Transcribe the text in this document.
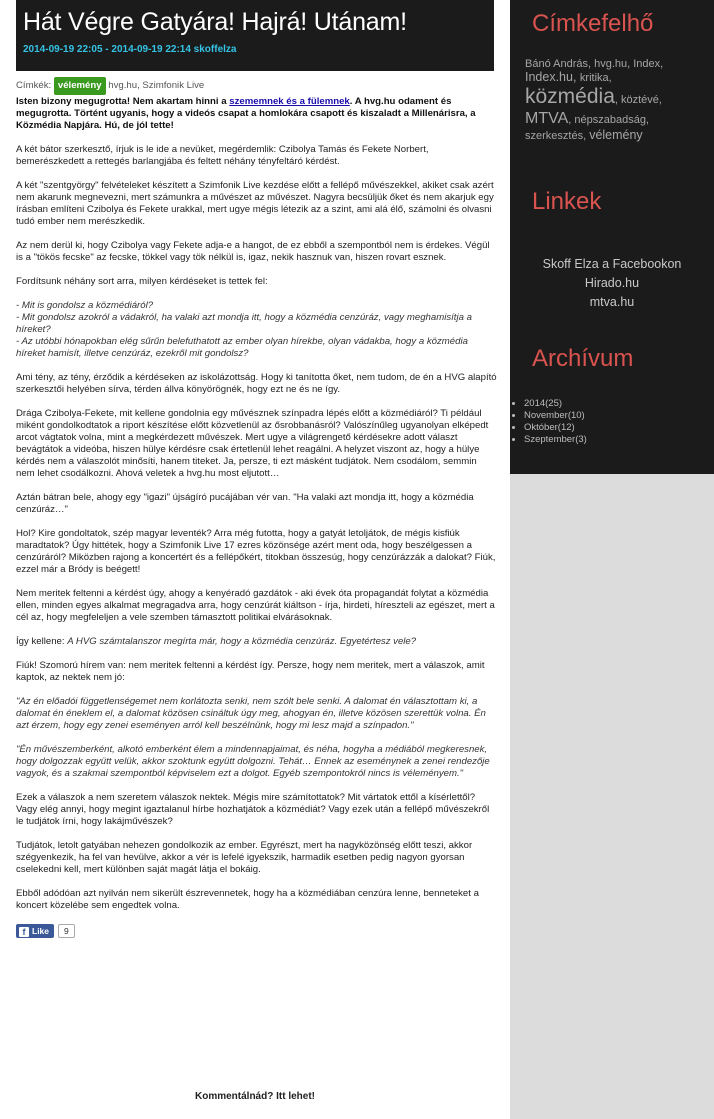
Hát Végre Gatyára! Hajrá! Utánam!
2014-09-19 22:05 - 2014-09-19 22:14 skoffelza

Címkék: vélemény hvg.hu, Szimfonik Live

Isten bizony megugrotta! Nem akartam hinni a szememnek és a fülemnek. A hvg.hu odament és megugrotta. Történt ugyanis, hogy a videós csapat a homlokára csapott és kiszaladt a Millenárisra, a Közmédia Napjára. Hú, de jól tette!

A két bátor szerkesztő, írjuk is le ide a nevüket, megérdemlik: Czibolya Tamás és Fekete Norbert, bemerészkedett a rettegés barlangjába és feltett néhány tényfeltáró kérdést.

A két "szentgyörgy" felvételeket készített a Szimfonik Live kezdése előtt a fellépő művészekkel, akiket csak azért nem akarunk megnevezni, mert számunkra a művészet az művészet. Nagyra becsüljük őket és nem akarjuk egy írásban említeni Czibolya és Fekete urakkal, mert ugye mégis létezik az a szint, ami alá élő, számolni és olvasni tudó ember nem merészkedik.

Az nem derül ki, hogy Czibolya vagy Fekete adja-e a hangot, de ez ebből a szempontból nem is érdekes. Végül is a "tökös fecske" az fecske, tökkel vagy tök nélkül is, igaz, nekik hasznuk van, hiszen rovart esznek.

Fordítsunk néhány sort arra, milyen kérdéseket is tettek fel:

- Mit is gondolsz a közmédiáról?
- Mit gondolsz azokról a vádakról, ha valaki azt mondja itt, hogy a közmédia cenzúráz, vagy meghamisítja a híreket?
- Az utóbbi hónapokban elég sűrűn belefuthatott az ember olyan hírekbe, olyan vádakba, hogy a közmédia híreket hamisít, illetve cenzúráz, ezekről mit gondolsz?

Ami tény, az tény, érződik a kérdéseken az iskolázottság. Hogy ki tanította őket, nem tudom, de én a HVG alapító szerkesztői helyében sírva, térden állva könyörögnék, hogy ezt ne és ne így.

Drága Czibolya-Fekete, mit kellene gondolnia egy művésznek színpadra lépés előtt a közmédiáról? Ti például miként gondolkodtatok a riport készítése előtt közvetlenül az ősrobbanásról? Valószínűleg ugyanolyan elképedt arcot vágtatok volna, mint a megkérdezett művészek. Mert ugye a világrengető kérdésekre adott választ bevágtátok a videóba, hiszen hülye kérdésre csak értetlenül lehet reagálni. A helyzet viszont az, hogy a hülye kérdés nem a válaszolót minősíti, hanem titeket. Ja, persze, ti ezt másként tudjátok. Nem csodálom, semmin nem lehet csodálkozni. Ahová veletek a hvg.hu most eljutott…

Aztán bátran bele, ahogy egy "igazi" újságíró pucájában vér van. "Ha valaki azt mondja itt, hogy a közmédia cenzúráz…"

Hol? Kire gondoltatok, szép magyar leventék? Arra még futotta, hogy a gatyát letoljátok, de mégis kisfiúk maradtatok? Úgy hittétek, hogy a Szimfonik Live 17 ezres közönsége azért ment oda, hogy beszélgessen a cenzúráról? Miközben rajong a koncertért és a fellépőkért, titokban összesúg, hogy cenzúrázzák a dalokat? Fiúk, ezzel már a Bródy is beégett!

Nem meritek feltenni a kérdést úgy, ahogy a kenyéradó gazdátok - aki évek óta propagandát folytat a közmédia ellen, minden egyes alkalmat megragadva arra, hogy cenzúrát kiáltson - írja, hirdeti, híreszteli az egészet, mert a cél az, hogy megfeleljen a vele szemben támasztott politikai elvárásoknak.

Így kellene: A HVG számtalanszor megírta már, hogy a közmédia cenzúráz. Egyetértesz vele?

Fiúk! Szomorú hírem van: nem meritek feltenni a kérdést így. Persze, hogy nem meritek, mert a válaszok, amit kaptok, az nektek nem jó:

"Az én előadói függetlenségemet nem korlátozta senki, nem szólt bele senki. A dalomat én választottam ki, a dalomat én éneklem el, a dalomat közösen csináltuk úgy meg, ahogyan én, illetve közösen szerettük volna. Én azt érzem, hogy egy zenei eseményen arról kell beszélnünk, hogy mi lesz majd a színpadon."

"Én művészemberként, alkotó emberként élem a mindennapjaimat, és néha, hogyha a médiából megkeresnek, hogy dolgozzak együtt velük, akkor szoktunk együtt dolgozni. Tehát… Ennek az eseménynek a zenei rendezője vagyok, és a szakmai szempontból képviselem ezt a dolgot. Egyéb szempontokról nincs is véleményem."

Ezek a válaszok a nem szeretem válaszok nektek. Mégis mire számítottatok? Mit vártatok ettől a kísérlettől? Vagy elég annyi, hogy megint igaztalanul hírbe hozhatjátok a közmédiát? Vagy ezek után a fellépő művészekről le tudjátok írni, hogy lakájművészek?

Tudjátok, letolt gatyában nehezen gondolkozik az ember. Egyrészt, mert ha nagyközönség előtt teszi, akkor szégyenkezik, ha fel van hevülve, akkor a vér is lefelé igyekszik, harmadik esetben pedig nagyon gyorsan cselekedni kell, mert különben saját magát látja el bokáig.

Ebből adódóan azt nyilván nem sikerült észrevennetek, hogy ha a közmédiában cenzúra lenne, benneteket a koncert közelébe sem engedtek volna.

f Like 9
Kommentálnád? Itt lehet!
Címkefelhő
Bánó András, hvg.hu, Index,
Index.hu, kritika,
közmédia, köztévé,
MTVA, népszabadság,
szerkesztés, vélemény
Linkek
Skoff Elza a Facebookon
Hirado.hu
mtva.hu
Archívum
• 2014(25)
• November(10)
• Október(12)
• Szeptember(3)
